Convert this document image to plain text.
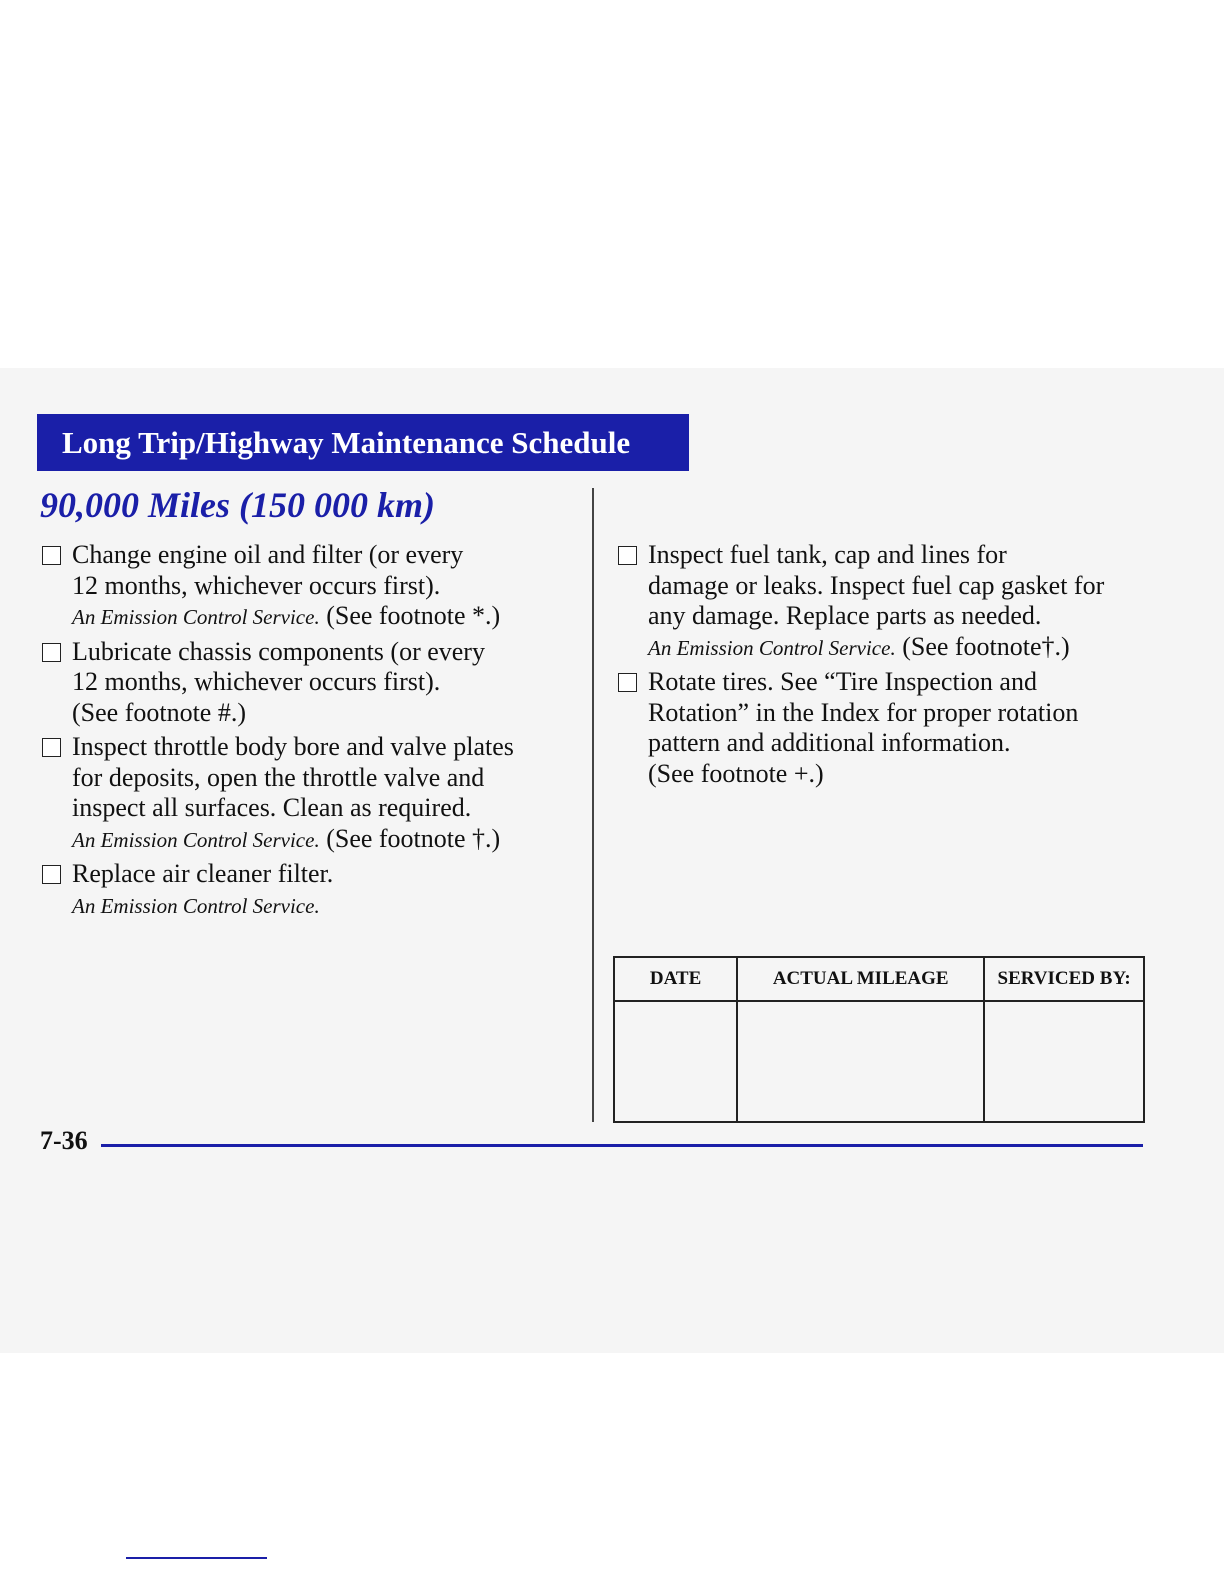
Long Trip/Highway Maintenance Schedule
90,000 Miles (150 000 km)
Change engine oil and filter (or every
12 months, whichever occurs first).
An Emission Control Service. (See footnote *.)
Lubricate chassis components (or every
12 months, whichever occurs first).
(See footnote #.)
Inspect throttle body bore and valve plates
for deposits, open the throttle valve and
inspect all surfaces. Clean as required.
An Emission Control Service. (See footnote †.)
Replace air cleaner filter.
An Emission Control Service.
Inspect fuel tank, cap and lines for
damage or leaks. Inspect fuel cap gasket for
any damage. Replace parts as needed.
An Emission Control Service. (See footnote†.)
Rotate tires. See “Tire Inspection and
Rotation” in the Index for proper rotation
pattern and additional information.
(See footnote +.)
DATE	ACTUAL MILEAGE	SERVICED BY:

7-36
